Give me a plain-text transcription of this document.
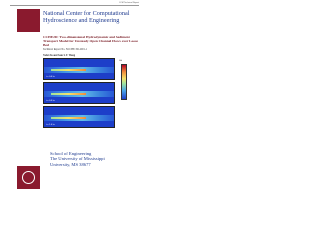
CCM Technical Report
National Center for Computational
Hydroscience and Engineering
CCHE2D: Two-dimensional Hydrodynamic and Sediment Transport Model for Unsteady Open Channel Flows over Loose Bed
Technical Report No. NCCHE-TR-2001-1
Yafei Jia and Sam S.Y. Wang
t = 0.0 hr
t = 0.5 hr
t = 1.0 hr
Vel
School of Engineering
The University of Mississippi
University, MS 38677
